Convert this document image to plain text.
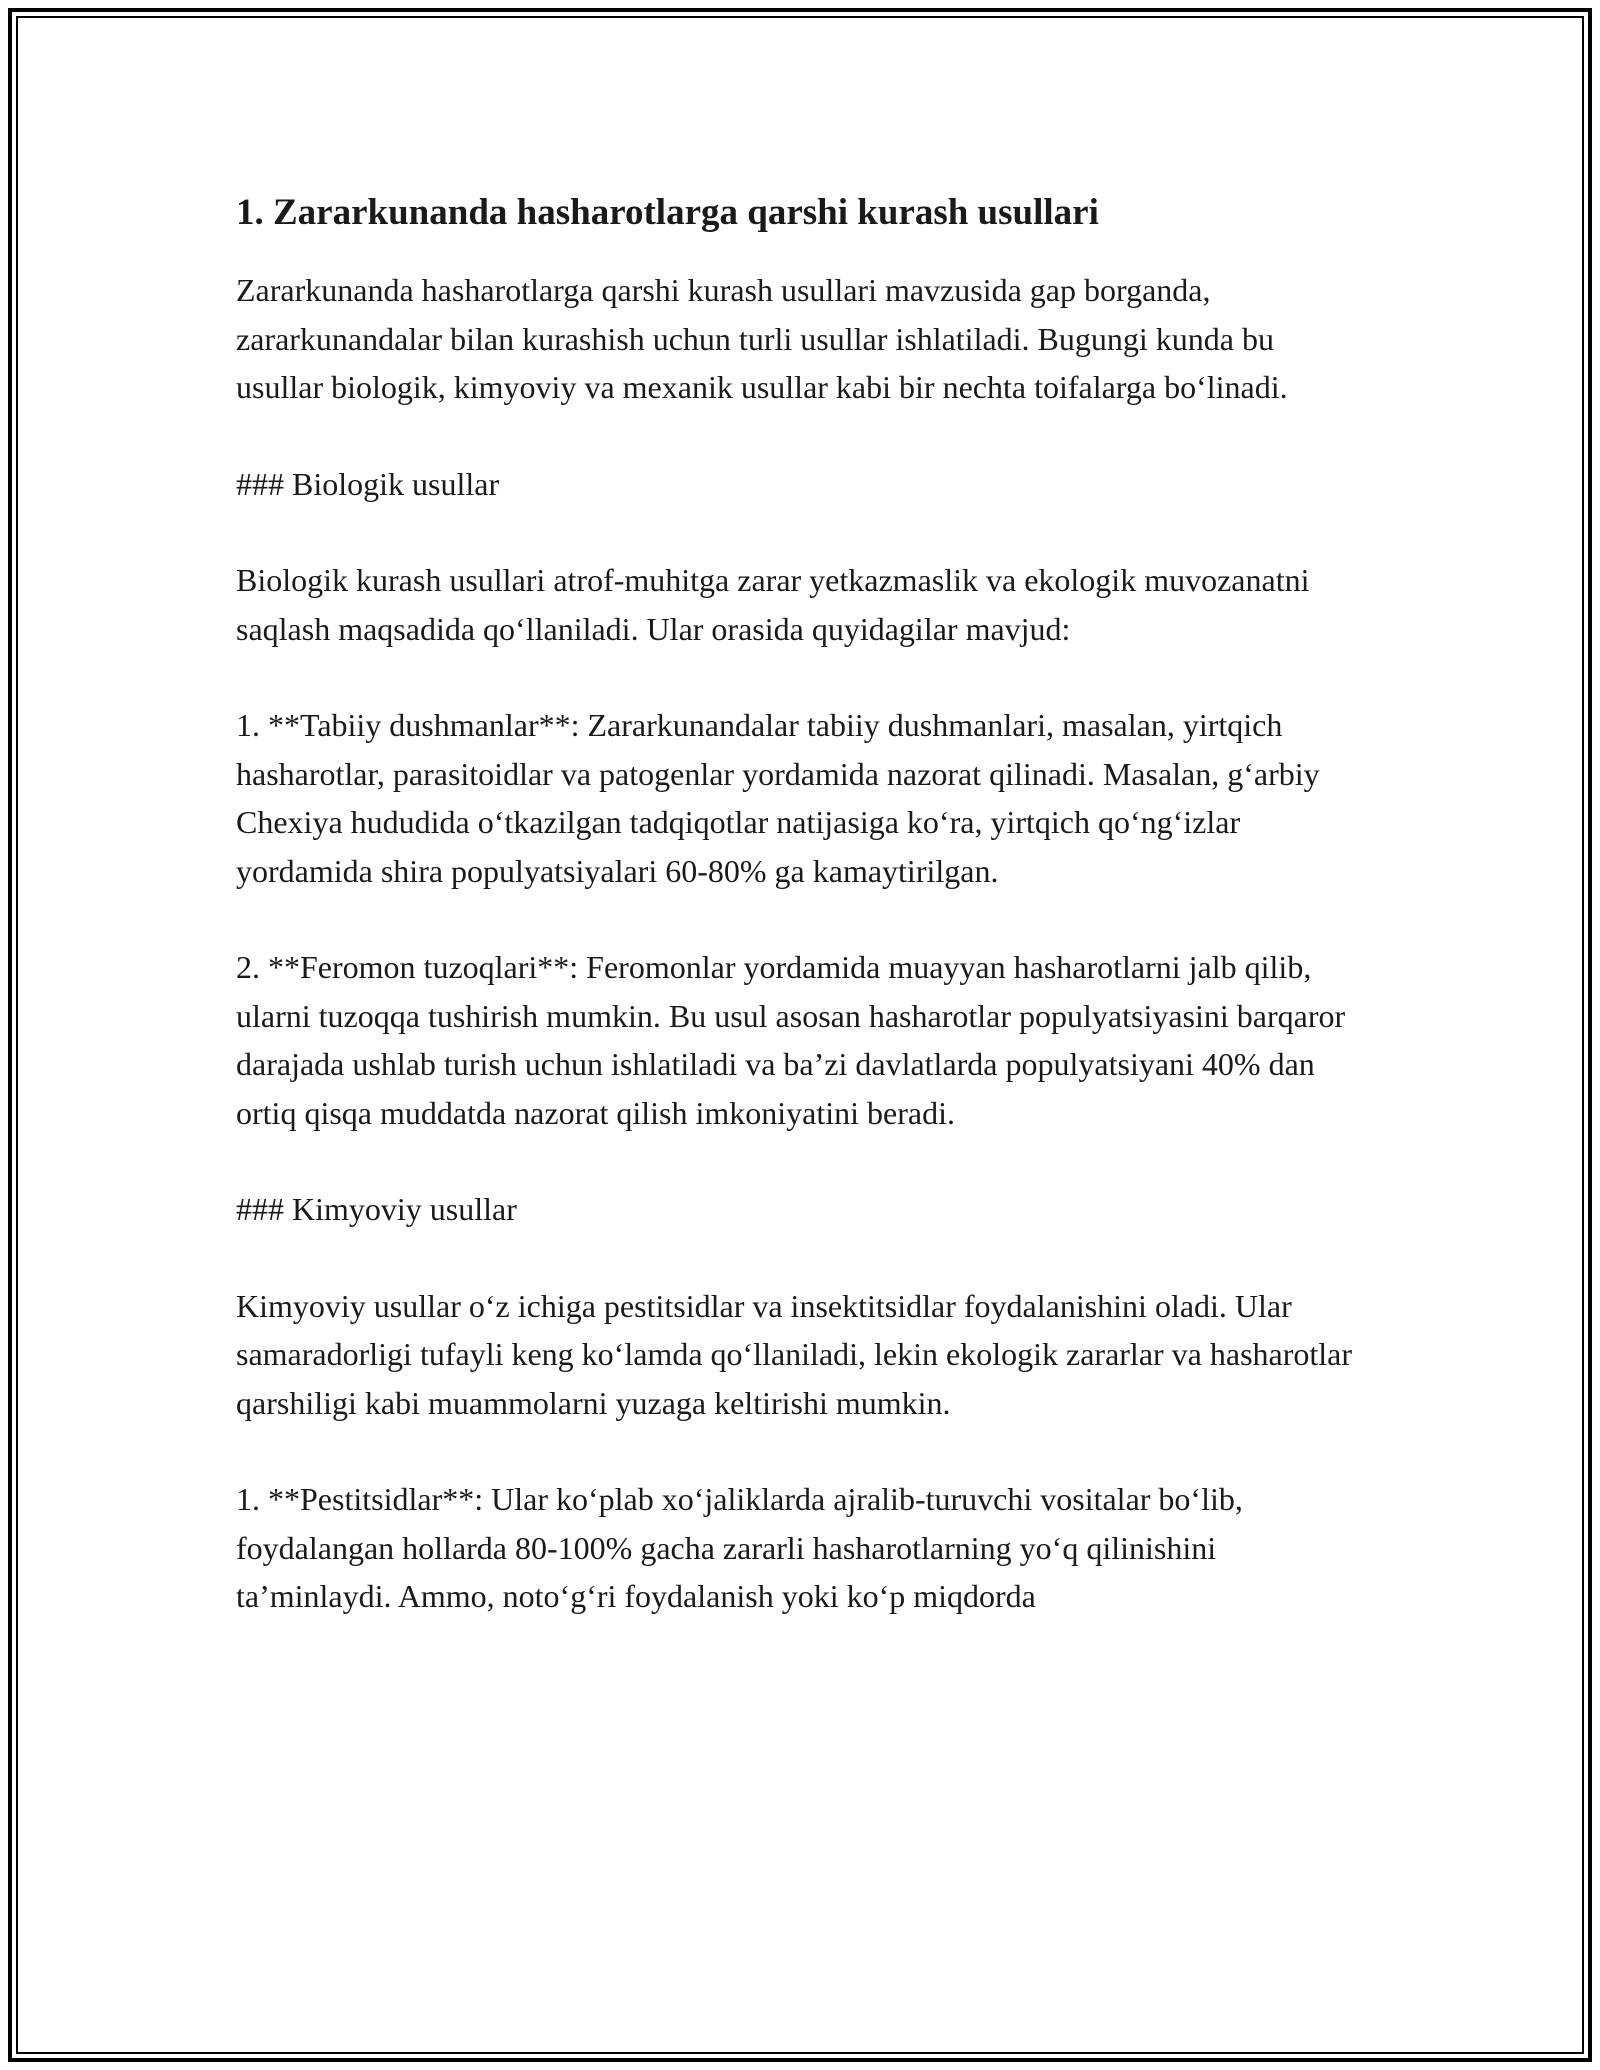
1. Zararkunanda hasharotlarga qarshi kurash usullari

Zararkunanda hasharotlarga qarshi kurash usullari mavzusida gap borganda, zararkunandalar bilan kurashish uchun turli usullar ishlatiladi. Bugungi kunda bu usullar biologik, kimyoviy va mexanik usullar kabi bir nechta toifalarga bo‘linadi.

### Biologik usullar

Biologik kurash usullari atrof-muhitga zarar yetkazmaslik va ekologik muvozanatni saqlash maqsadida qo‘llaniladi. Ular orasida quyidagilar mavjud:

1. **Tabiiy dushmanlar**: Zararkunandalar tabiiy dushmanlari, masalan, yirtqich hasharotlar, parasitoidlar va patogenlar yordamida nazorat qilinadi. Masalan, g‘arbiy Chexiya hududida o‘tkazilgan tadqiqotlar natijasiga ko‘ra, yirtqich qo‘ng‘izlar yordamida shira populyatsiyalari 60-80% ga kamaytirilgan.

2. **Feromon tuzoqlari**: Feromonlar yordamida muayyan hasharotlarni jalb qilib, ularni tuzoqqa tushirish mumkin. Bu usul asosan hasharotlar populyatsiyasini barqaror darajada ushlab turish uchun ishlatiladi va ba’zi davlatlarda populyatsiyani 40% dan ortiq qisqa muddatda nazorat qilish imkoniyatini beradi.

### Kimyoviy usullar

Kimyoviy usullar o‘z ichiga pestitsidlar va insektitsidlar foydalanishini oladi. Ular samaradorligi tufayli keng ko‘lamda qo‘llaniladi, lekin ekologik zararlar va hasharotlar qarshiligi kabi muammolarni yuzaga keltirishi mumkin.

1. **Pestitsidlar**: Ular ko‘plab xo‘jaliklarda ajralib-turuvchi vositalar bo‘lib, foydalangan hollarda 80-100% gacha zararli hasharotlarning yo‘q qilinishini ta’minlaydi. Ammo, noto‘g‘ri foydalanish yoki ko‘p miqdorda
